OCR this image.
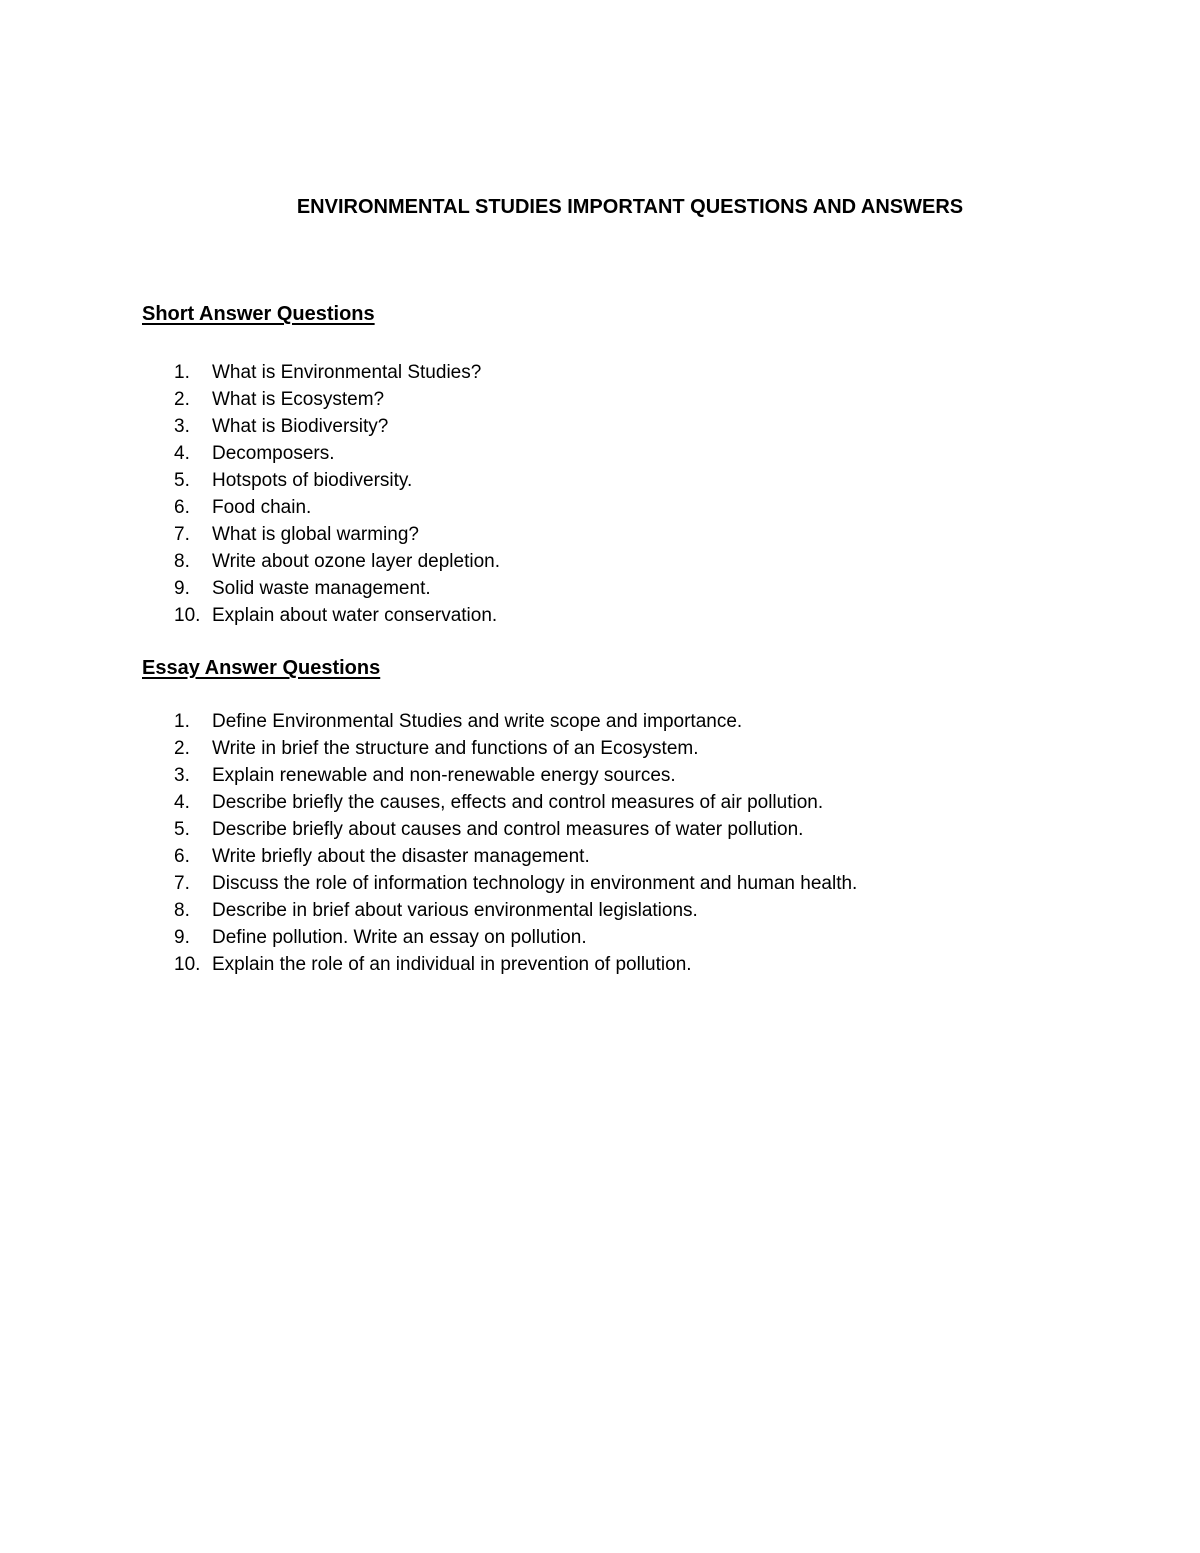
ENVIRONMENTAL STUDIES IMPORTANT QUESTIONS AND ANSWERS
Short Answer Questions
1.	What is Environmental Studies?
2.	What is Ecosystem?
3.	What is Biodiversity?
4.	Decomposers.
5.	Hotspots of biodiversity.
6.	Food chain.
7.	What is global warming?
8.	Write about ozone layer depletion.
9.	Solid waste management.
10. Explain about water conservation.
Essay Answer Questions
1.	Define Environmental Studies and write scope and importance.
2.	Write in brief the structure and functions of an Ecosystem.
3.	Explain renewable and non-renewable energy sources.
4.	Describe briefly the causes, effects and control measures of air pollution.
5.	Describe briefly about causes and control measures of water pollution.
6.	Write briefly about the disaster management.
7.	Discuss the role of information technology in environment and human health.
8.	Describe in brief about various environmental legislations.
9.	Define pollution. Write an essay on pollution.
10. Explain the role of an individual in prevention of pollution.
